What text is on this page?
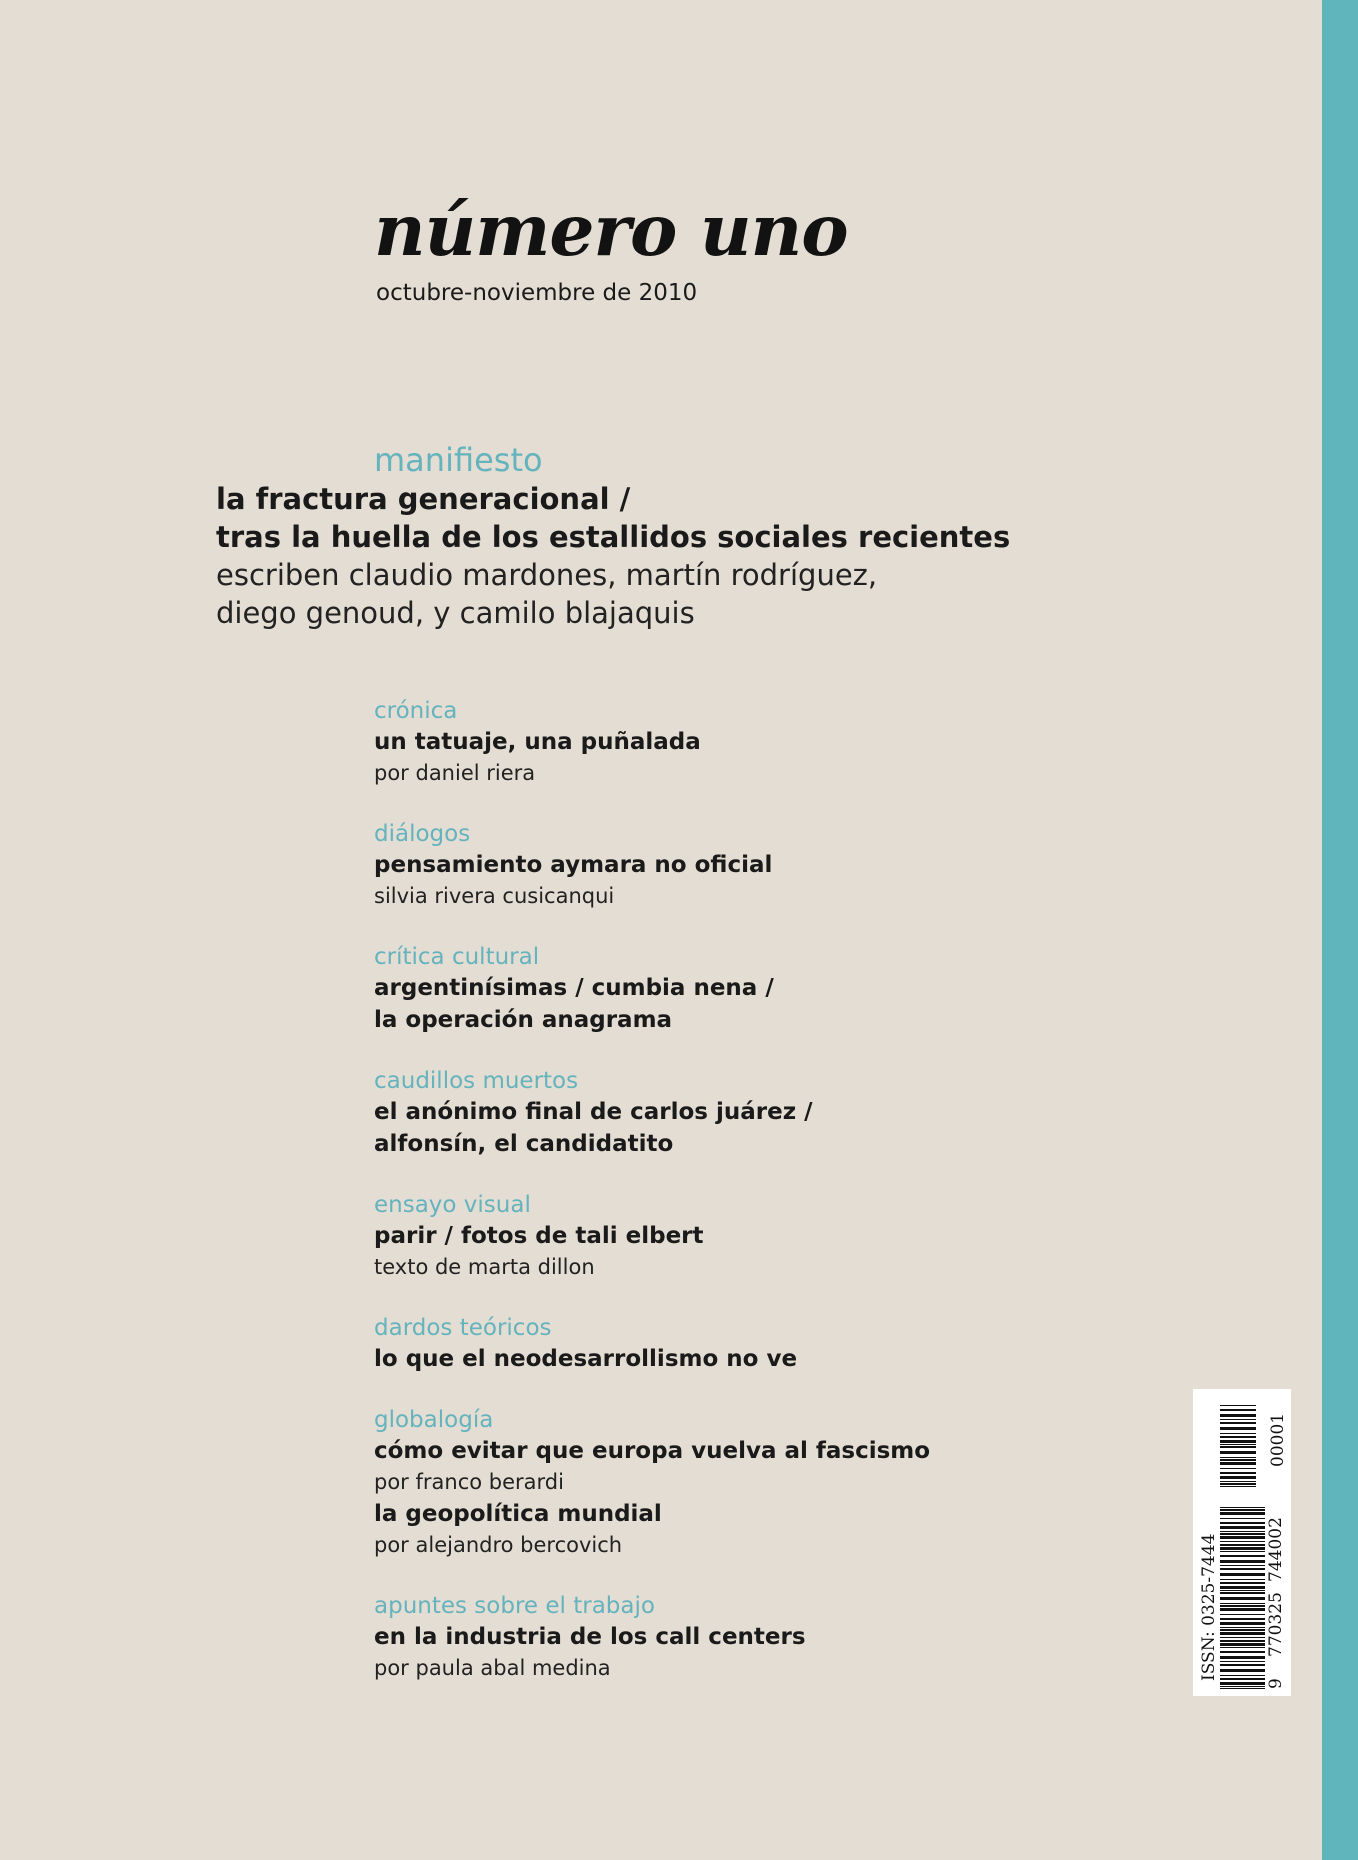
número uno
octubre-noviembre de 2010
manifiesto
la fractura generacional /
tras la huella de los estallidos sociales recientes
escriben claudio mardones, martín rodríguez,
diego genoud, y camilo blajaquis
crónica
un tatuaje, una puñalada
por daniel riera
diálogos
pensamiento aymara no oficial
silvia rivera cusicanqui
crítica cultural
argentinísimas / cumbia nena /
la operación anagrama
caudillos muertos
el anónimo final de carlos juárez /
alfonsín, el candidatito
ensayo visual
parir / fotos de tali elbert
texto de marta dillon
dardos teóricos
lo que el neodesarrollismo no ve
globalogía
cómo evitar que europa vuelva al fascismo
por franco berardi
la geopolítica mundial
por alejandro bercovich
apuntes sobre el trabajo
en la industria de los call centers
por paula abal medina	ISSN: 0325-7444
9
770325
744002
00001
